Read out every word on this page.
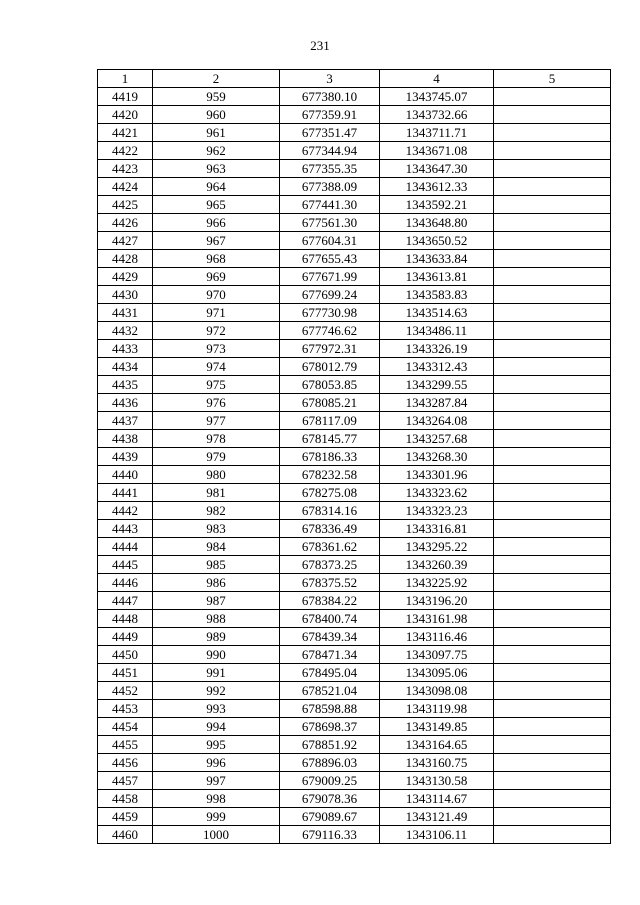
231
1	2	3	4	5
4419	959	677380.10	1343745.07	
4420	960	677359.91	1343732.66	
4421	961	677351.47	1343711.71	
4422	962	677344.94	1343671.08	
4423	963	677355.35	1343647.30	
4424	964	677388.09	1343612.33	
4425	965	677441.30	1343592.21	
4426	966	677561.30	1343648.80	
4427	967	677604.31	1343650.52	
4428	968	677655.43	1343633.84	
4429	969	677671.99	1343613.81	
4430	970	677699.24	1343583.83	
4431	971	677730.98	1343514.63	
4432	972	677746.62	1343486.11	
4433	973	677972.31	1343326.19	
4434	974	678012.79	1343312.43	
4435	975	678053.85	1343299.55	
4436	976	678085.21	1343287.84	
4437	977	678117.09	1343264.08	
4438	978	678145.77	1343257.68	
4439	979	678186.33	1343268.30	
4440	980	678232.58	1343301.96	
4441	981	678275.08	1343323.62	
4442	982	678314.16	1343323.23	
4443	983	678336.49	1343316.81	
4444	984	678361.62	1343295.22	
4445	985	678373.25	1343260.39	
4446	986	678375.52	1343225.92	
4447	987	678384.22	1343196.20	
4448	988	678400.74	1343161.98	
4449	989	678439.34	1343116.46	
4450	990	678471.34	1343097.75	
4451	991	678495.04	1343095.06	
4452	992	678521.04	1343098.08	
4453	993	678598.88	1343119.98	
4454	994	678698.37	1343149.85	
4455	995	678851.92	1343164.65	
4456	996	678896.03	1343160.75	
4457	997	679009.25	1343130.58	
4458	998	679078.36	1343114.67	
4459	999	679089.67	1343121.49	
4460	1000	679116.33	1343106.11	
